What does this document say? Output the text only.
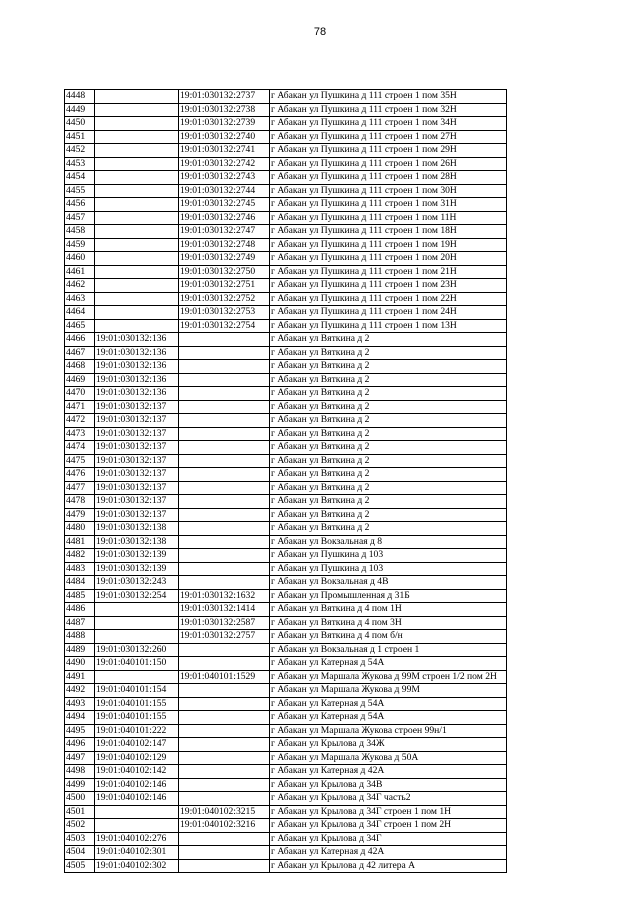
78
4448		19:01:030132:2737	г Абакан ул Пушкина д 111 строен 1 пом 35Н
4449		19:01:030132:2738	г Абакан ул Пушкина д 111 строен 1 пом 32Н
4450		19:01:030132:2739	г Абакан ул Пушкина д 111 строен 1 пом 34Н
4451		19:01:030132:2740	г Абакан ул Пушкина д 111 строен 1 пом 27Н
4452		19:01:030132:2741	г Абакан ул Пушкина д 111 строен 1 пом 29Н
4453		19:01:030132:2742	г Абакан ул Пушкина д 111 строен 1 пом 26Н
4454		19:01:030132:2743	г Абакан ул Пушкина д 111 строен 1 пом 28Н
4455		19:01:030132:2744	г Абакан ул Пушкина д 111 строен 1 пом 30Н
4456		19:01:030132:2745	г Абакан ул Пушкина д 111 строен 1 пом 31Н
4457		19:01:030132:2746	г Абакан ул Пушкина д 111 строен 1 пом 11Н
4458		19:01:030132:2747	г Абакан ул Пушкина д 111 строен 1 пом 18Н
4459		19:01:030132:2748	г Абакан ул Пушкина д 111 строен 1 пом 19Н
4460		19:01:030132:2749	г Абакан ул Пушкина д 111 строен 1 пом 20Н
4461		19:01:030132:2750	г Абакан ул Пушкина д 111 строен 1 пом 21Н
4462		19:01:030132:2751	г Абакан ул Пушкина д 111 строен 1 пом 23Н
4463		19:01:030132:2752	г Абакан ул Пушкина д 111 строен 1 пом 22Н
4464		19:01:030132:2753	г Абакан ул Пушкина д 111 строен 1 пом 24Н
4465		19:01:030132:2754	г Абакан ул Пушкина д 111 строен 1 пом 13Н
4466	19:01:030132:136		г Абакан ул Вяткина д 2
4467	19:01:030132:136		г Абакан ул Вяткина д 2
4468	19:01:030132:136		г Абакан ул Вяткина д 2
4469	19:01:030132:136		г Абакан ул Вяткина д 2
4470	19:01:030132:136		г Абакан ул Вяткина д 2
4471	19:01:030132:137		г Абакан ул Вяткина д 2
4472	19:01:030132:137		г Абакан ул Вяткина д 2
4473	19:01:030132:137		г Абакан ул Вяткина д 2
4474	19:01:030132:137		г Абакан ул Вяткина д 2
4475	19:01:030132:137		г Абакан ул Вяткина д 2
4476	19:01:030132:137		г Абакан ул Вяткина д 2
4477	19:01:030132:137		г Абакан ул Вяткина д 2
4478	19:01:030132:137		г Абакан ул Вяткина д 2
4479	19:01:030132:137		г Абакан ул Вяткина д 2
4480	19:01:030132:138		г Абакан ул Вяткина д 2
4481	19:01:030132:138		г Абакан ул Вокзальная д 8
4482	19:01:030132:139		г Абакан ул Пушкина д 103
4483	19:01:030132:139		г Абакан ул Пушкина д 103
4484	19:01:030132:243		г Абакан ул Вокзальная д 4В
4485	19:01:030132:254	19:01:030132:1632	г Абакан ул Промышленная д 31Б
4486		19:01:030132:1414	г Абакан ул Вяткина д 4 пом 1Н
4487		19:01:030132:2587	г Абакан ул Вяткина д 4 пом 3Н
4488		19:01:030132:2757	г Абакан ул Вяткина д 4 пом б/н
4489	19:01:030132:260		г Абакан ул Вокзальная д 1 строен 1
4490	19:01:040101:150		г Абакан ул Катерная д 54А
4491		19:01:040101:1529	г Абакан ул Маршала Жукова д 99М строен 1/2 пом 2Н
4492	19:01:040101:154		г Абакан ул Маршала Жукова д 99М
4493	19:01:040101:155		г Абакан ул Катерная д 54А
4494	19:01:040101:155		г Абакан ул Катерная д 54А
4495	19:01:040101:222		г Абакан ул Маршала Жукова строен 99н/1
4496	19:01:040102:147		г Абакан ул Крылова д 34Ж
4497	19:01:040102:129		г Абакан ул Маршала Жукова д 50А
4498	19:01:040102:142		г Абакан ул Катерная д 42А
4499	19:01:040102:146		г Абакан ул Крылова д 34В
4500	19:01:040102:146		г Абакан ул Крылова д 34Г часть2
4501		19:01:040102:3215	г Абакан ул Крылова д 34Г строен 1 пом 1Н
4502		19:01:040102:3216	г Абакан ул Крылова д 34Г строен 1 пом 2Н
4503	19:01:040102:276		г Абакан ул Крылова д 34Г
4504	19:01:040102:301		г Абакан ул Катерная д 42А
4505	19:01:040102:302		г Абакан ул Крылова д 42 литера А
